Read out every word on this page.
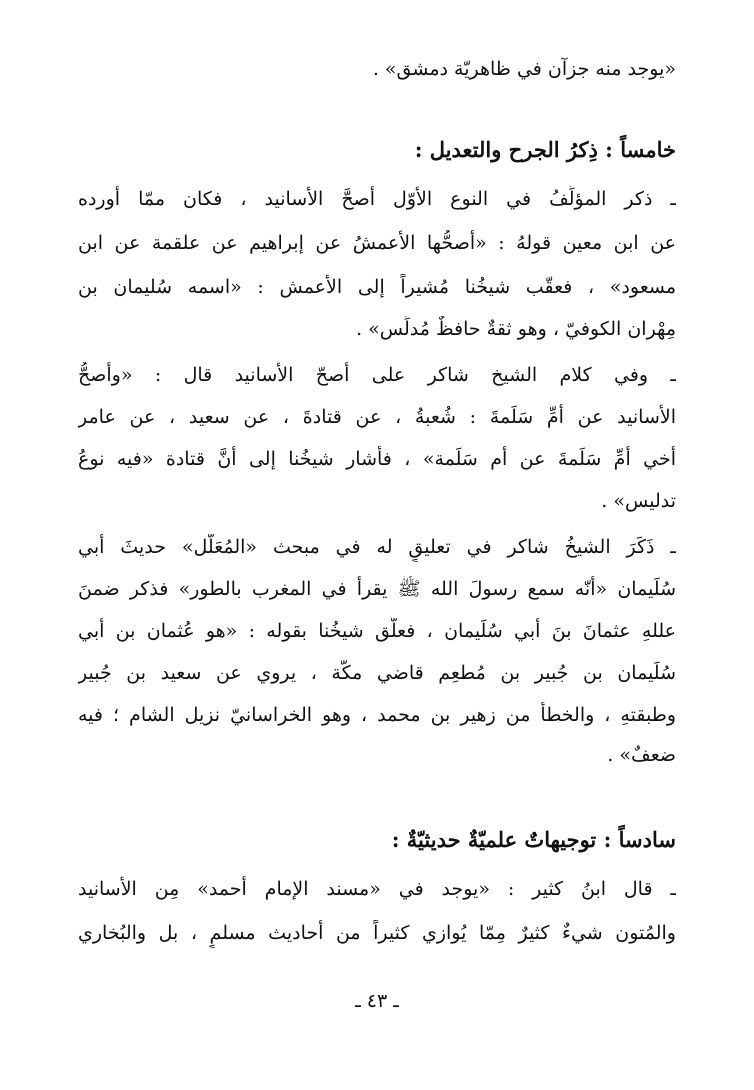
«يوجد منه جزآن في ظاهريّة دمشق» .
خامساً : ذِكرُ الجرح والتعديل :
ـ ذكر المؤلِّفُ في النوع الأوّل أصحَّ الأسانيد ، فكان ممّا أورده
عن ابن معين قولهُ : «أصحُّها الأعمشُ عن إبراهيم عن علقمة عن ابن
مسعود» ، فعقّب شيخُنا مُشيراً إلى الأعمش : «اسمه سُليمان بن
مِهْران الكوفيّ ، وهو ثقةٌ حافظٌ مُدلِّس» .
ـ وفي كلام الشيخ شاكر على أصحّ الأسانيد قال : «وأصحُّ
الأسانيد عن أُمِّ سَلَمةَ : شُعبةُ ، عن قتادةَ ، عن سعيد ، عن عامر
أخي أُمِّ سَلَمةَ عن أُم سَلَمة» ، فأشار شيخُنا إلى أنَّ قتادة «فيه نوعُ
تدليس» .
ـ ذَكَرَ الشيخُ شاكر في تعليقٍ له في مبحث «المُعَلَّل» حديثَ أبي
سُلَيمان «أنّه سمع رسولَ الله ﷺ يقرأُ في المغرب بالطور» فذكر ضمنَ
عللهِ عثمانَ بنَ أبي سُلَيمان ، فعلّق شيخُنا بقوله : «هو عُثمان بن أبي
سُلَيمان بن جُبير بن مُطعِم قاضي مكّة ، يروي عن سعيد بن جُبير
وطبقتهِ ، والخطأ من زهير بن محمد ، وهو الخراسانيّ نزيل الشام ؛ فيه
ضعفٌ» .
سادساً : توجيهاتٌ علميّةٌ حديثيّةٌ :
ـ قال ابنُ كثير : «يوجد في «مسند الإمام أحمد» مِن الأسانيد
والمُتون شيءٌ كثيرٌ مِمّا يُوازي كثيراً من أحاديث مسلمٍ ، بل والبُخاري
ـ ٤٣ ـ
